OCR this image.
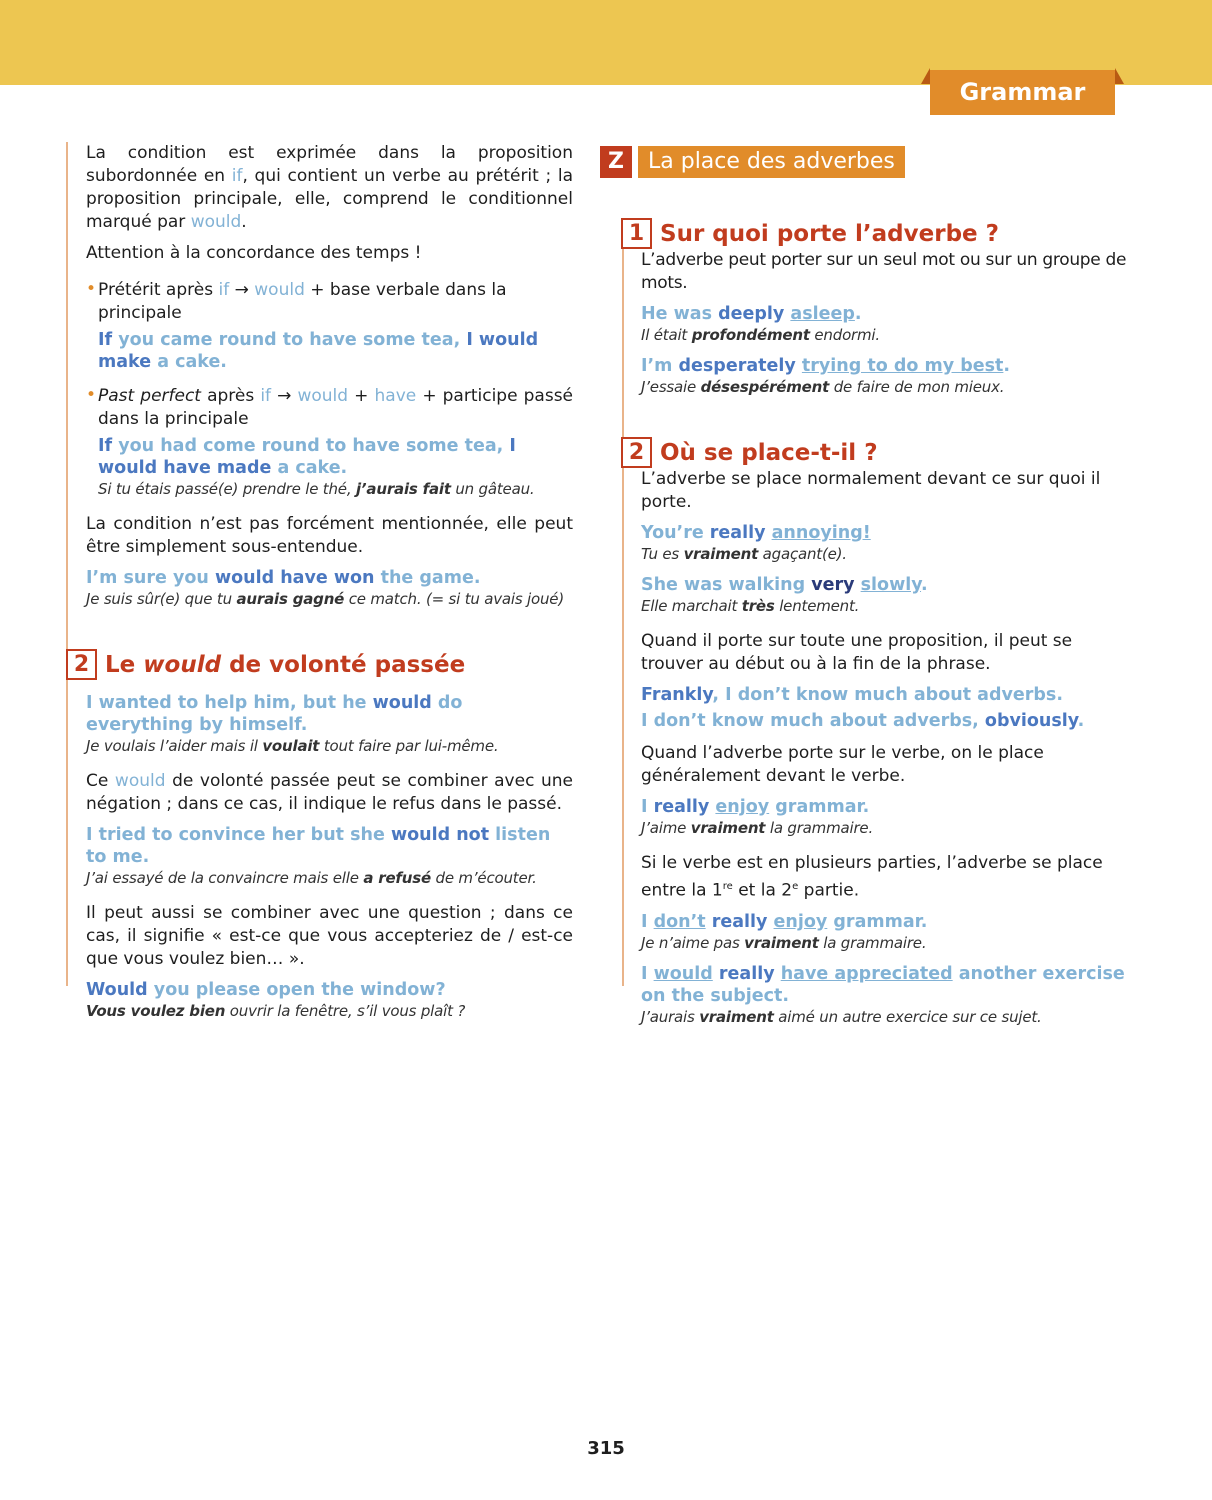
Grammar

La condition est exprimée dans la proposition subordonnée en if, qui contient un verbe au prétérit ; la proposition principale, elle, comprend le conditionnel marqué par would.

Attention à la concordance des temps !

• Prétérit après if → would + base verbale dans la principale

If you came round to have some tea, I would make a cake.

• Past perfect après if → would + have + participe passé dans la principale

If you had come round to have some tea, I would have made a cake.

Si tu étais passé(e) prendre le thé, j’aurais fait un gâteau.

La condition n’est pas forcément mentionnée, elle peut être simplement sous-entendue.

I’m sure you would have won the game.

Je suis sûr(e) que tu aurais gagné ce match. (= si tu avais joué)

2 Le would de volonté passée

I wanted to help him, but he would do everything by himself.

Je voulais l’aider mais il voulait tout faire par lui-même.

Ce would de volonté passée peut se combiner avec une négation ; dans ce cas, il indique le refus dans le passé.

I tried to convince her but she would not listen to me.

J’ai essayé de la convaincre mais elle a refusé de m’écouter.

Il peut aussi se combiner avec une question ; dans ce cas, il signifie « est-ce que vous accepteriez de / est-ce que vous voulez bien… ».

Would you please open the window?

Vous voulez bien ouvrir la fenêtre, s’il vous plaît ?

Z	La place des adverbes
1 Sur quoi porte l’adverbe ?

L’adverbe peut porter sur un seul mot ou sur un groupe de mots.

He was deeply asleep.

Il était profondément endormi.

I’m desperately trying to do my best.

J’essaie désespérément de faire de mon mieux.

2 Où se place-t-il ?

L’adverbe se place normalement devant ce sur quoi il porte.

You’re really annoying!

Tu es vraiment agaçant(e).

She was walking very slowly.

Elle marchait très lentement.

Quand il porte sur toute une proposition, il peut se trouver au début ou à la fin de la phrase.

Frankly, I don’t know much about adverbs.

I don’t know much about adverbs, obviously.

Quand l’adverbe porte sur le verbe, on le place généralement devant le verbe.

I really enjoy grammar.

J’aime vraiment la grammaire.

Si le verbe est en plusieurs parties, l’adverbe se place entre la 1re et la 2e partie.

I don’t really enjoy grammar.

Je n’aime pas vraiment la grammaire.

I would really have appreciated another exercise on the subject.

J’aurais vraiment aimé un autre exercice sur ce sujet.

315
